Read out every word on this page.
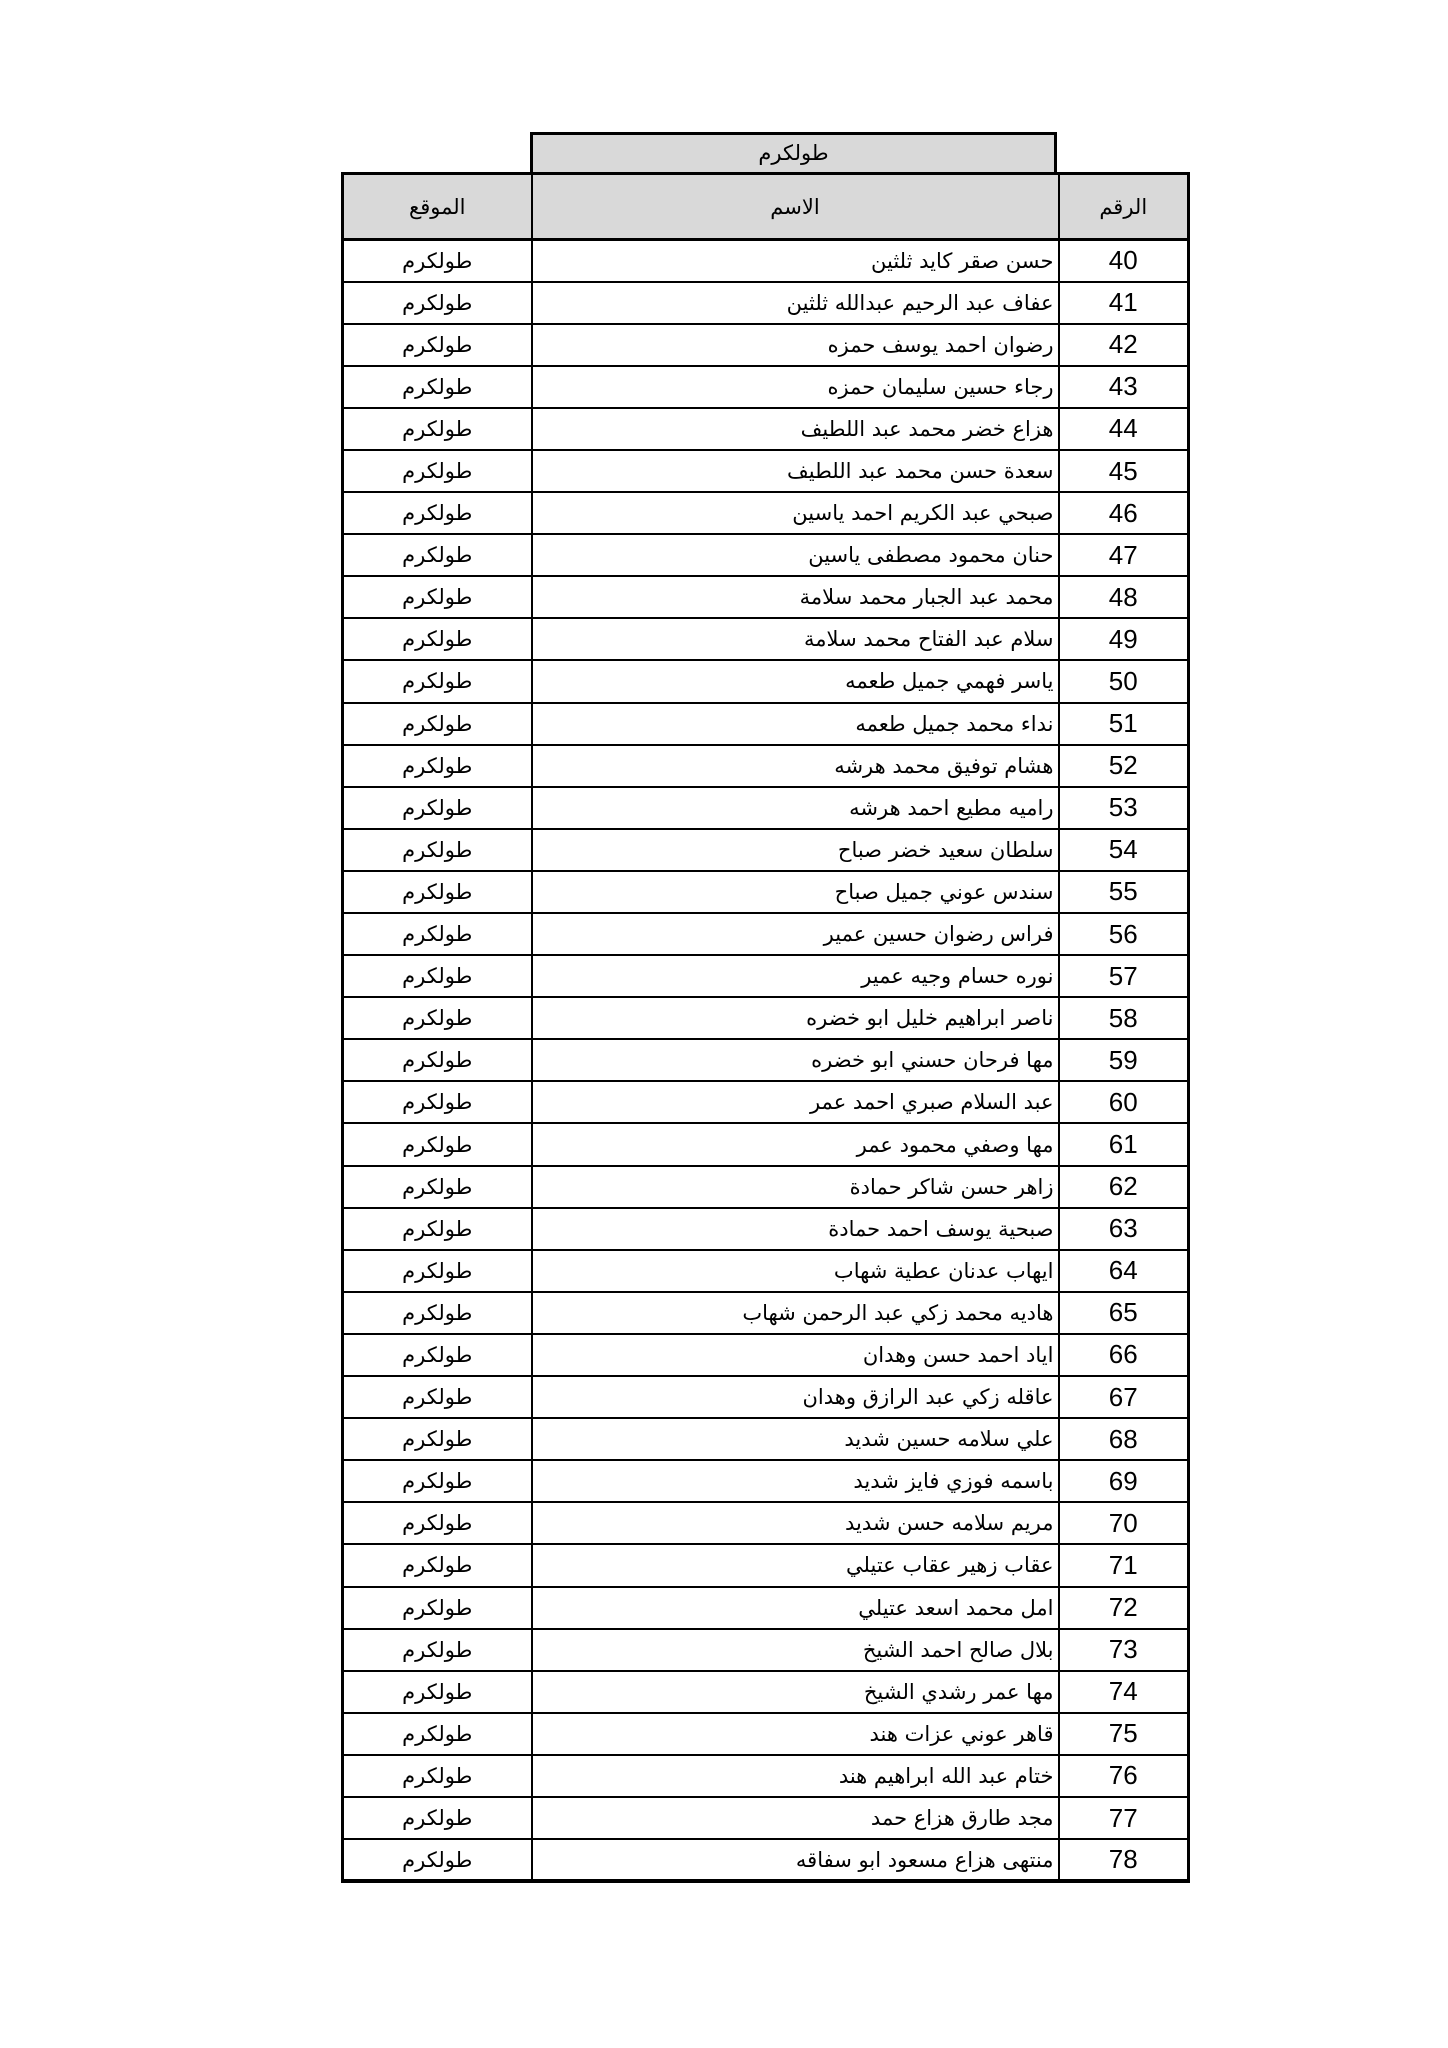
طولكرم
الرقم	الاسم	الموقع
40	حسن صقر كايد ثلثين	طولكرم
41	عفاف عبد الرحيم عبدالله ثلثين	طولكرم
42	رضوان احمد يوسف حمزه	طولكرم
43	رجاء حسين سليمان حمزه	طولكرم
44	هزاع خضر محمد عبد اللطيف	طولكرم
45	سعدة حسن محمد عبد اللطيف	طولكرم
46	صبحي عبد الكريم احمد ياسين	طولكرم
47	حنان محمود مصطفى ياسين	طولكرم
48	محمد عبد الجبار محمد سلامة	طولكرم
49	سلام عبد الفتاح محمد سلامة	طولكرم
50	ياسر فهمي جميل طعمه	طولكرم
51	نداء محمد جميل طعمه	طولكرم
52	هشام توفيق محمد هرشه	طولكرم
53	راميه مطيع احمد هرشه	طولكرم
54	سلطان سعيد خضر صباح	طولكرم
55	سندس عوني جميل صباح	طولكرم
56	فراس رضوان حسين عمير	طولكرم
57	نوره حسام وجيه عمير	طولكرم
58	ناصر ابراهيم خليل ابو خضره	طولكرم
59	مها فرحان حسني ابو خضره	طولكرم
60	عبد السلام صبري احمد عمر	طولكرم
61	مها وصفي محمود عمر	طولكرم
62	زاهر حسن شاكر حمادة	طولكرم
63	صبحية يوسف احمد حمادة	طولكرم
64	ايهاب عدنان عطية شهاب	طولكرم
65	هاديه محمد زكي عبد الرحمن شهاب	طولكرم
66	اياد احمد حسن وهدان	طولكرم
67	عاقله زكي عبد الرازق وهدان	طولكرم
68	علي سلامه حسين شديد	طولكرم
69	باسمه فوزي فايز شديد	طولكرم
70	مريم سلامه حسن شديد	طولكرم
71	عقاب زهير عقاب عتيلي	طولكرم
72	امل محمد اسعد عتيلي	طولكرم
73	بلال صالح احمد الشيخ	طولكرم
74	مها عمر رشدي الشيخ	طولكرم
75	قاهر عوني عزات هند	طولكرم
76	ختام عبد الله ابراهيم هند	طولكرم
77	مجد طارق هزاع حمد	طولكرم
78	منتهى هزاع مسعود ابو سفاقه	طولكرم
